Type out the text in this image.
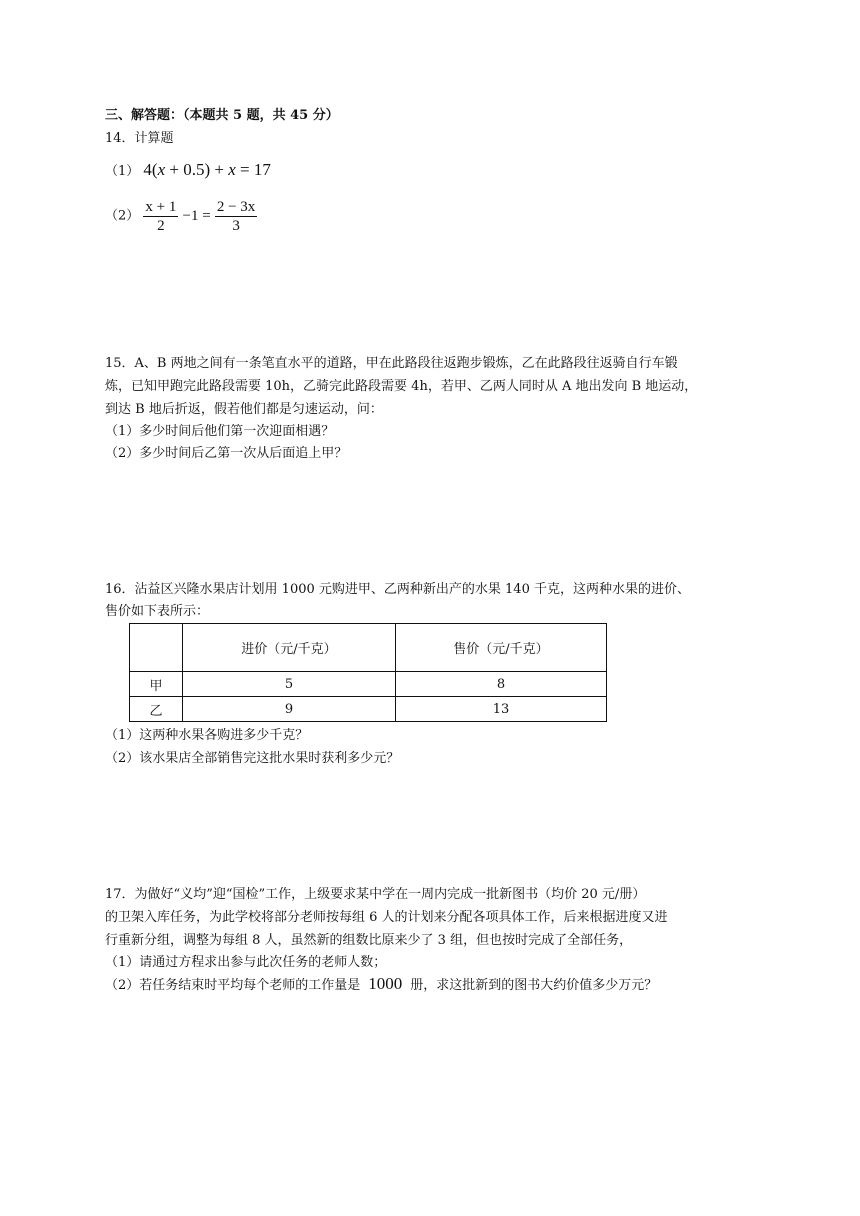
三、解答题：（本题共 5 题，共 45 分）
14．计算题
（1） 4(x + 0.5) + x = 17
$(2) \frac{x + 1}{2} -1 = \frac{2 - 3x}{3}$
15．A、B 两地之间有一条笔直水平的道路，甲在此路段往返跑步锻炼，乙在此路段往返骑自行车锻
炼，已知甲跑完此路段需要 10h，乙骑完此路段需要 4h，若甲、乙两人同时从 A 地出发向 B 地运动，
到达 B 地后折返，假若他们都是匀速运动，问：
（1）多少时间后他们第一次迎面相遇？
（2）多少时间后乙第一次从后面追上甲？
16．沾益区兴隆水果店计划用 1000 元购进甲、乙两种新出产的水果 140 千克，这两种水果的进价、
售价如下表所示：
	进价（元/千克）	售价（元/千克）
甲	5	8
乙	9	13
（1）这两种水果各购进多少千克？
（2）该水果店全部销售完这批水果时获利多少元？
17．为做好“义均”迎“国检”工作，上级要求某中学在一周内完成一批新图书（均价 20 元/册）
的卫架入库任务，为此学校将部分老师按每组 6 人的计划来分配各项具体工作，后来根据进度又进
行重新分组，调整为每组 8 人，虽然新的组数比原来少了 3 组，但也按时完成了全部任务，
（1）请通过方程求出参与此次任务的老师人数；
（2）若任务结束时平均每个老师的工作量是 1000 册，求这批新到的图书大约价值多少万元？
